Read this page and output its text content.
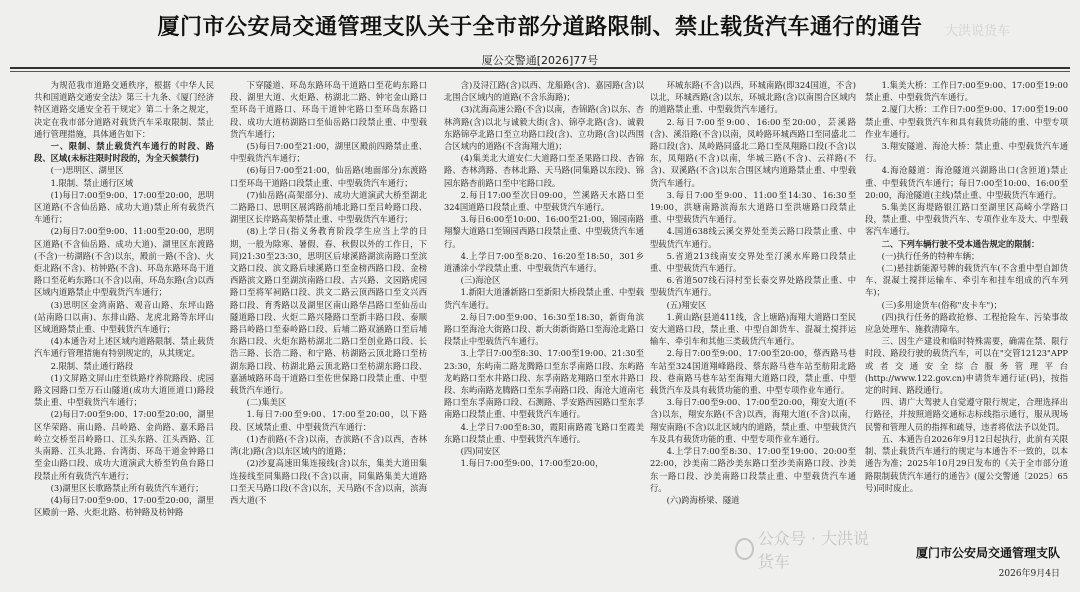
厦门市公安局交通管理支队关于全市部分道路限制、禁止载货汽车通行的通告
厦公交警通[2026]77号

为规范我市道路交通秩序，根据《中华人民共和国道路交通安全法》第三十九条、《厦门经济特区道路交通安全若干规定》第二十条之规定，决定在我市部分道路对载货汽车采取限制、禁止通行管理措施，具体通告如下：

一、限制、禁止载货汽车通行的时段、路段、区域(未标注限时时段的，为全天候禁行)

(一)思明区、湖里区

1.限制、禁止通行区域

(1)每日7:00至9:00、17:00至20:00，思明区道路(不含仙岳路、成功大道)禁止所有载货汽车通行；

(2)每日7:00至9:00、11:00至20:00，思明区道路(不含仙岳路、成功大道)、湖里区东渡路(不含)一枋湖路(不含)以东，殿前一路(不含)、火炬北路(不含)、枋钟路(不含)、环岛东路环岛干道路口至花屿东路口(不含)以南，环岛东路(含)以西区域内道路禁止中型载货汽车通行；

(3)思明区金湾南路、观音山路、东坪山路(站南路口以南)、东排山路、龙虎北路等东坪山区域道路禁止重、中型载货汽车通行；

(4)本通告对上述区域内道路限制、禁止载货汽车通行管理措施有特别规定的，从其规定。

2.限制、禁止通行路段

(1)文屏路文屏山庄至铁路疗养院路段、虎园路文园路口至万石山隧道(成功大道匝道口)路段禁止重、中型载货汽车通行；

(2)每日7:00至9:00、17:00至20:00，湖里区华荣路、南山路、吕岭路、金尚路、嘉禾路吕岭立交桥至吕岭路口、江头东路、江头西路、江头南路、江头北路、台湾街、环岛干道金钟路口至金山路口段、成功大道演武大桥至钓鱼台路口段禁止所有载货汽车通行；

(3)湖里区长歌路禁止所有载货汽车通行；

(4)每日7:00至9:00、17:00至20:00，湖里区殿前一路、火炬北路、枋钟路及枋钟路

下穿隧道、环岛东路环岛干道路口至花屿东路口段、湖里大道、火炬路、枋湖北二路、钟宅金山路口至环岛干道路口、环岛干道钟宅路口至环岛东路口段、成功大道枋湖路口至仙岳路口段禁止重、中型载货汽车通行；

(5)每日7:00至21:00，湖里区殿前四路禁止重、中型载货汽车通行；

(6)每日7:00至21:00，仙岳路(地面部分)东渡路口至环岛干道路口段禁止重、中型载货汽车通行；

(7)仙岳路(高架部分)、成功大道演武大桥至湖北二路路口、思明区展鸿路前埔北路口至吕岭路口段、湖里区长岸路高架桥禁止重、中型载货汽车通行；

(8)上学日(指义务教育阶段学生应当上学的日期，一般为除寒、暑假、春、秋假以外的工作日，下同)21:30至23:30，思明区后埭溪路湖滨南路口至滨文路口段、滨文路后埭溪路口至金榜西路口段、金榜西路滨文路口至湖滨南路口段、古兴路、文园路虎园路口至将军祠路口段、洪文二路云顶西路口至文兴西路口段、育秀路以及湖里区南山路华昌路口至仙岳山隧道路口段、火炬二路兴隆路口至新丰路口段、泰顺路吕岭路口至泰岭路口段、后埔二路双涵路口至后埔东路口段、火炬东路枋湖北二路口至创业路口段、长浩三路、长浩二路、和宁路、枋湖路云顶北路口至枋湖东路口段、枋湖北路云顶北路口至枋湖东路口段、嘉涵城路环岛干道路口至佐世保路口段禁止重、中型载货汽车通行。

(二)集美区

1.每日7:00至9:00、17:00至20:00，以下路段、区域禁止重、中型载货汽车通行：

(1)杏前路(不含)以南，杏滨路(不含)以西，杏林湾(北)路(含)以东区域内的道路；

(2)沙夏高速田集连接线(含)以东，集美大道田集连接线至同集路口段(不含)以南，同集路集美大道路口至天马路口段(不含)以东，天马路(不含)以南，滨海西大道(不

含)及浔江路(含)以西、龙船路(含)、嘉园路(含)以北围合区域内的道路(不含乐海路)；

(3)沈海高速公路(不含)以南，杏锦路(含)以东、杏林湾路(含)以北与诚毅大街(含)、锦亭北路(含)、诚毅东路锦亭北路口至立功路口段(含)、立功路(含)以西围合区域内的道路(不含海翔大道)；

(4)集美北大道安仁大道路口至圣果路口段、杏锦路、杏林湾路、杏林北路、天马路(同集路以东段)、锦园东路杏前路口至中宅路口段。

2.每日17:00至次日09:00，竺溪路天水路口至324国道路口段禁止重、中型载货汽车通行。

3.每日6:00至10:00、16:00至21:00，锦园南路翔黎大道路口至锦园西路口段禁止重、中型载货汽车通行。

4.上学日7:00至8:20、16:20至18:50，301乡道潘涂小学段禁止重、中型载货汽车通行。

(三)海沧区

1.新阳大道潘新路口至新阳大桥段禁止重、中型载货汽车通行。

2.每日7:00至9:00、16:30至18:30，新街角滨路口至海沧大街路口段、新大街新街路口至海沧北路口段禁止中型载货汽车通行。

3.上学日7:00至8:30、17:00至19:00、21:30至23:30，东屿南二路龙腾路口至东孚南路口段、东屿路龙屿路口至水井路口段、东孚南路龙翔路口至水井路口段、东屿南路龙腾路口至东孚南路口段、海沧大道南宅路口至东孚南路口段、石测路、孚安路西园路口至东孚南路口段禁止重、中型载货汽车通行。

4.上学日7:00至8:30，霞阳南路霞飞路口至霞美东路口段禁止重、中型载货汽车通行。

(四)同安区

1.每日7:00至9:00、17:00至20:00，

环城东路(不含)以西，环城南路(即324国道，不含)以北，环城西路(含)以东，环城北路(含)以南围合区域内的道路禁止重、中型载货汽车通行。

2.每日7:00至9:00、16:00至20:00，芸溪路(含)、溪沿路(不含)以南，凤岭路环城西路口至同盛北二路口段(含)、凤岭路同盛北二路口至凤翔路口段(不含)以东，凤翔路(不含)以南，华城三路(不含)、云祥路(不含)、双溪路(不含)以东合围区域内道路禁止重、中型载货汽车通行。

3.每日7:00至9:00、11:00至14:30、16:30至19:00，洪塘南路滨海东大道路口至洪塘路口段禁止重、中型载货汽车通行。

4.国道638线云溪交界处至美云路口段禁止重、中型载货汽车通行。

5.省道213线南安交界处至汀溪水库路口段禁止重、中型载货汽车通行。

6.省道507线石浔村至长泰交界处路段禁止重、中型载货汽车通行。

(五)翔安区

1.黄山路(县道411线，含上塘路)海翔大道路口至民安大道路口段，禁止重、中型自卸货车、混凝土搅拌运输车、牵引车和其他三类载货汽车通行。

2.每日7:00至9:00、17:00至20:00，蔡西路马巷车站至324国道翔峰路段、蔡东路马巷车站至舫阳北路段、巷南路马巷车站至海翔大道路口段，禁止重、中型载货汽车及具有载货功能的重、中型专项作业车通行。

3.每日7:00至9:00、17:00至20:00，翔安大道(不含)以东，翔安东路(不含)以西，海翔大道(不含)以南，翔安南路(不含)以北区域内的道路，禁止重、中型载货汽车及具有载货功能的重、中型专项作业车通行。

4.上学日7:00至8:30、17:00至19:00、20:00至22:00，沙美南二路沙美东路口至沙美南路口段、沙美东一路口段、沙美南路口段禁止重、中型载货汽车通行。

(六)跨海桥梁、隧道

1.集美大桥：工作日7:00至9:00、17:00至19:00禁止重、中型载货汽车通行。

2.厦门大桥：工作日7:00至9:00、17:00至19:00禁止重、中型载货汽车和具有载货功能的重、中型专项作业车通行。

3.翔安隧道、海沧大桥：禁止重、中型载货汽车通行。

4.海沧隧道：海沧隧道兴湖路出口(含匝道)禁止重、中型载货汽车通行；每日7:00至10:00、16:00至20:00，海沧隧道(主线)禁止重、中型载货汽车通行。

5.集美区海堤路银江路口至湖里区高崎小学路口段，禁止重、中型载货汽车、专项作业车及大、中型载客汽车通行。

二、下列车辆行驶不受本通告规定的限制：

(一)执行任务的特种车辆；

(二)悬挂新能源号牌的载货汽车(不含重中型自卸货车、混凝土搅拌运输车、牵引车和挂车组成的汽车列车)；

(三)多用途货车(俗称"皮卡车")；

(四)执行任务的路政抢修、工程抢险车、污染事故应急处理车、施救清障车。

三、因生产建设和临时特殊需要，确需在禁、限行时段、路段行驶的载货汽车，可以在"交管12123"APP或者交通安全综合服务管理平台(http://www.122.gov.cn)申请货车通行证(码)，按指定的时间、路段通行。

四、请广大驾驶人自觉遵守限行规定，合理选择出行路径，并按照道路交通标志标线指示通行，服从现场民警和管理人员的指挥和疏导，违者将依法予以处罚。

五、本通告自2026年9月12日起执行，此前有关限制、禁止载货汽车通行的规定与本通告不一致的，以本通告为准；2025年10月29日发布的《关于全市部分道路限制载货汽车通行的通告》(厦公交警通〔2025〕65号)同时废止。

公众号 · 大洪说货车
大洪说货车
厦门市公安局交通管理支队
2026年9月4日
